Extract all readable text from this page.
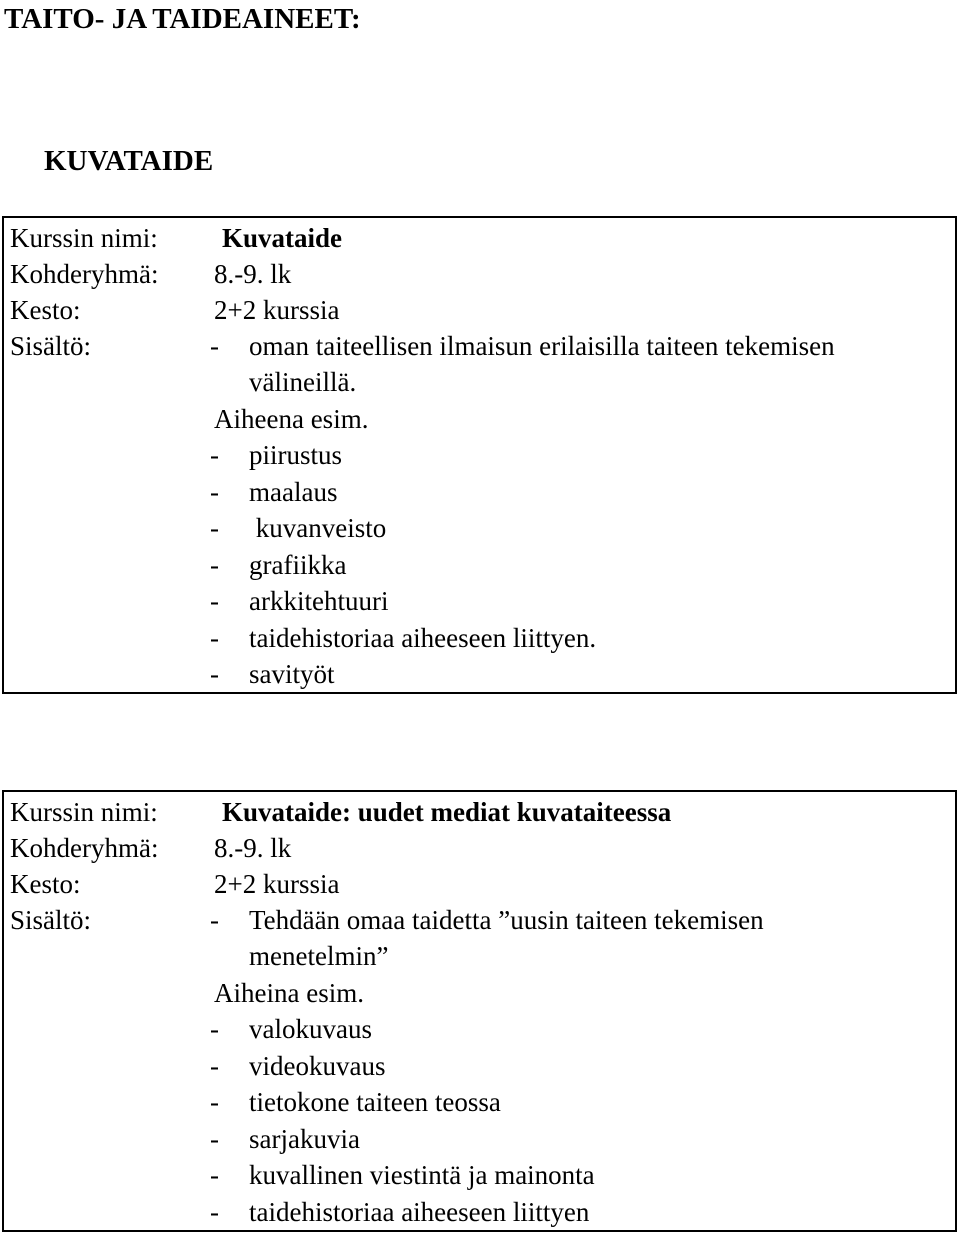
TAITO- JA TAIDEAINEET:
KUVATAIDE
Kurssin nimi: Kuvataide
Kohderyhmä: 8.-9. lk
Kesto:	2+2 kurssia
Sisältö:	- oman taiteellisen ilmaisun erilaisilla taiteen tekemisen
välineillä.
Aiheena esim.
- piirustus
- maalaus
- kuvanveisto
- grafiikka
- arkkitehtuuri
- taidehistoriaa aiheeseen liittyen.
- savityöt
Kurssin nimi: Kuvataide: uudet mediat kuvataiteessa
Kohderyhmä: 8.-9. lk
Kesto:	2+2 kurssia
Sisältö:	- Tehdään omaa taidetta ”uusin taiteen tekemisen
menetelmin”
Aiheina esim.
- valokuvaus
- videokuvaus
- tietokone taiteen teossa
- sarjakuvia
- kuvallinen viestintä ja mainonta
- taidehistoriaa aiheeseen liittyen
